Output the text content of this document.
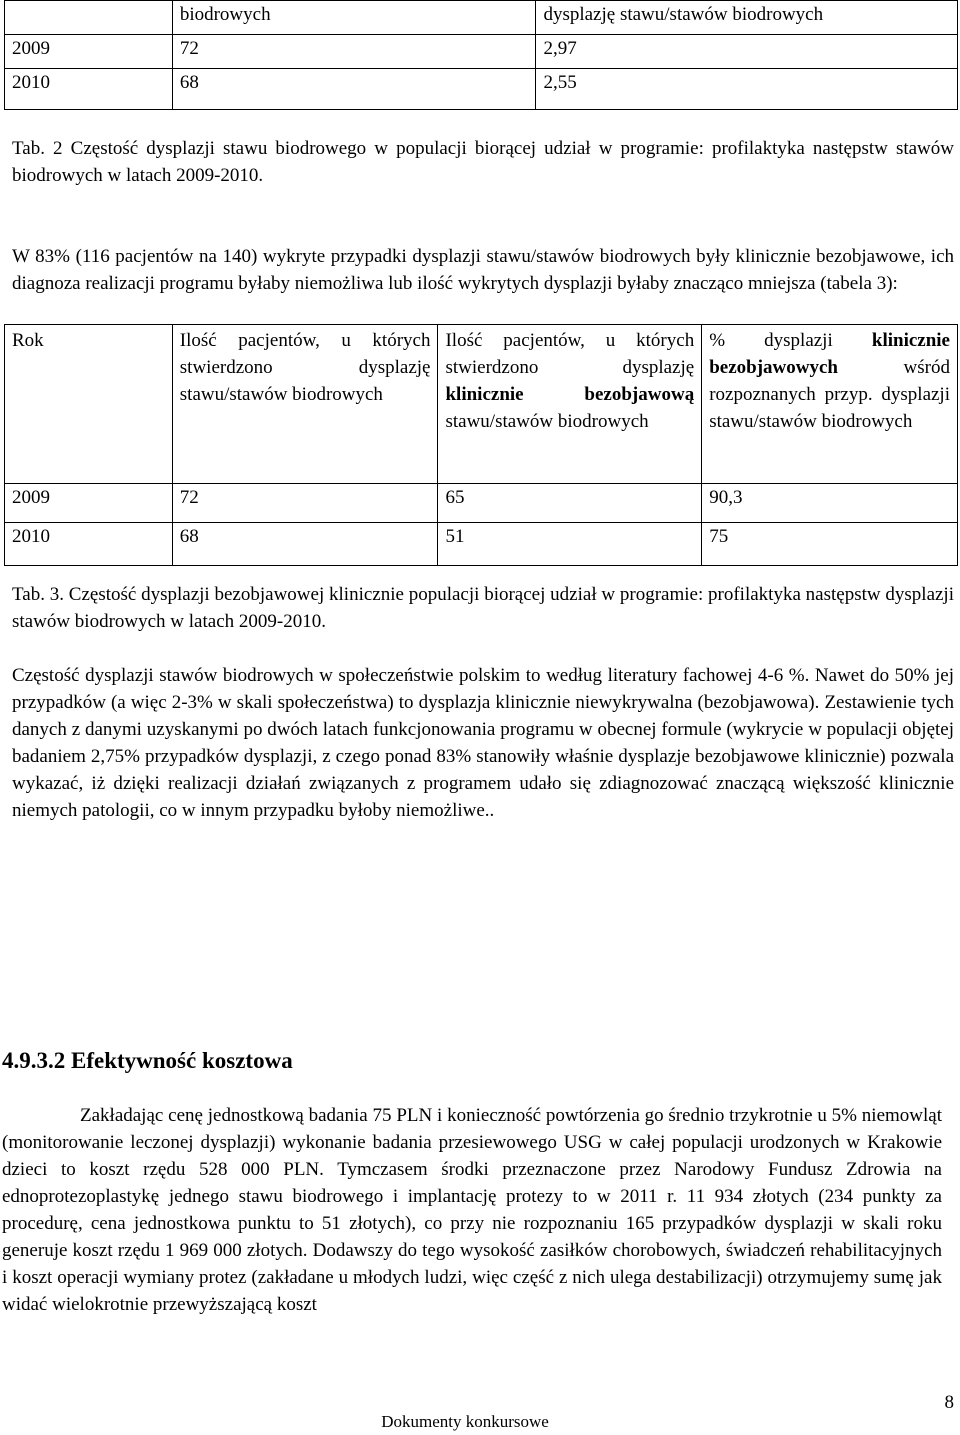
	biodrowych	dysplazję stawu/stawów biodrowych
2009	72	2,97
2010	68	2,55

Tab. 2 Częstość dysplazji stawu biodrowego w populacji biorącej udział w programie: profilaktyka następstw stawów biodrowych w latach 2009-2010.

W 83% (116 pacjentów na 140) wykryte przypadki dysplazji stawu/stawów biodrowych były klinicznie bezobjawowe, ich diagnoza realizacji programu byłaby niemożliwa lub ilość wykrytych dysplazji byłaby znacząco mniejsza (tabela 3):

Rok	Ilość pacjentów, u których stwierdzono dysplazję stawu/stawów biodrowych	Ilość pacjentów, u których stwierdzono dysplazję klinicznie bezobjawową stawu/stawów biodrowych	% dysplazji klinicznie bezobjawowych wśród rozpoznanych przyp. dysplazji stawu/stawów biodrowych
2009	72	65	90,3
2010	68	51	75

Tab. 3. Częstość dysplazji bezobjawowej klinicznie populacji biorącej udział w programie: profilaktyka następstw dysplazji stawów biodrowych w latach 2009-2010.

Częstość dysplazji stawów biodrowych w społeczeństwie polskim to według literatury fachowej 4-6 %. Nawet do 50% jej przypadków (a więc 2-3% w skali społeczeństwa) to dysplazja klinicznie niewykrywalna (bezobjawowa). Zestawienie tych danych z danymi uzyskanymi po dwóch latach funkcjonowania programu w obecnej formule (wykrycie w populacji objętej badaniem 2,75% przypadków dysplazji, z czego ponad 83% stanowiły właśnie dysplazje bezobjawowe klinicznie) pozwala wykazać, iż dzięki realizacji działań związanych z programem udało się zdiagnozować znaczącą większość klinicznie niemych patologii, co w innym przypadku byłoby niemożliwe..

4.9.3.2 Efektywność kosztowa

Zakładając cenę jednostkową badania 75 PLN i konieczność powtórzenia go średnio trzykrotnie u 5% niemowląt (monitorowanie leczonej dysplazji) wykonanie badania przesiewowego USG w całej populacji urodzonych w Krakowie dzieci to koszt rzędu 528 000 PLN. Tymczasem środki przeznaczone przez Narodowy Fundusz Zdrowia na ednoprotezoplastykę jednego stawu biodrowego i implantację protezy to w 2011 r. 11 934 złotych (234 punkty za procedurę, cena jednostkowa punktu to 51 złotych), co przy nie rozpoznaniu 165 przypadków dysplazji w skali roku generuje koszt rzędu 1 969 000 złotych. Dodawszy do tego wysokość zasiłków chorobowych, świadczeń rehabilitacyjnych i koszt operacji wymiany protez (zakładane u młodych ludzi, więc część z nich ulega destabilizacji) otrzymujemy sumę jak widać wielokrotnie przewyższającą koszt

8
Dokumenty konkursowe
